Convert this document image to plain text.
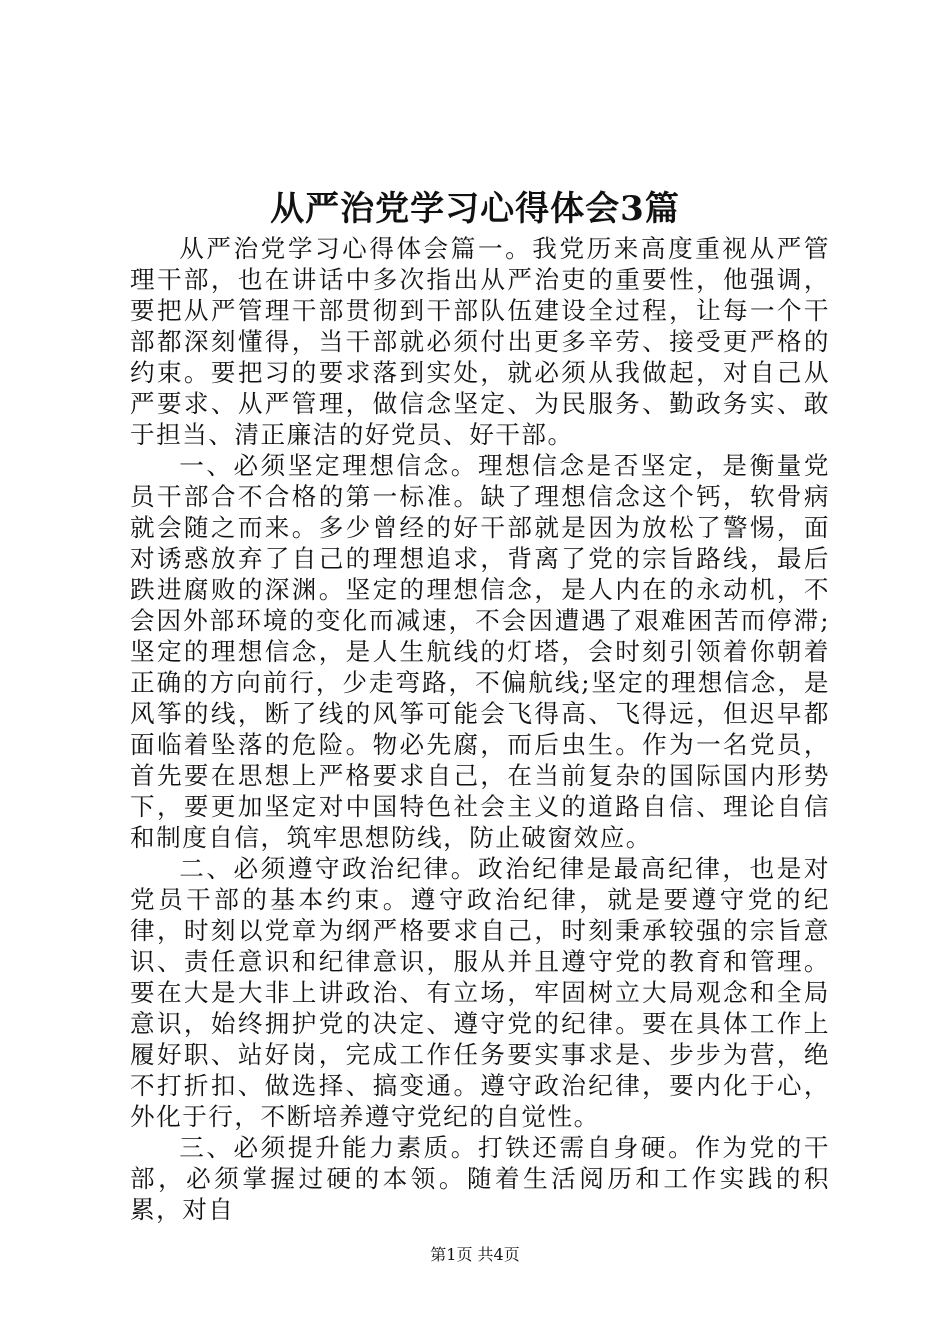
从严治党学习心得体会3篇

从严治党学习心得体会篇一。我党历来高度重视从严管理干部，也在讲话中多次指出从严治吏的重要性，他强调，要把从严管理干部贯彻到干部队伍建设全过程，让每一个干部都深刻懂得，当干部就必须付出更多辛劳、接受更严格的约束。要把习的要求落到实处，就必须从我做起，对自己从严要求、从严管理，做信念坚定、为民服务、勤政务实、敢于担当、清正廉洁的好党员、好干部。

一、必须坚定理想信念。理想信念是否坚定，是衡量党员干部合不合格的第一标准。缺了理想信念这个钙，软骨病就会随之而来。多少曾经的好干部就是因为放松了警惕，面对诱惑放弃了自己的理想追求，背离了党的宗旨路线，最后跌进腐败的深渊。坚定的理想信念，是人内在的永动机，不会因外部环境的变化而减速，不会因遭遇了艰难困苦而停滞;坚定的理想信念，是人生航线的灯塔，会时刻引领着你朝着正确的方向前行，少走弯路，不偏航线;坚定的理想信念，是风筝的线，断了线的风筝可能会飞得高、飞得远，但迟早都面临着坠落的危险。物必先腐，而后虫生。作为一名党员，首先要在思想上严格要求自己，在当前复杂的国际国内形势下，要更加坚定对中国特色社会主义的道路自信、理论自信和制度自信，筑牢思想防线，防止破窗效应。

二、必须遵守政治纪律。政治纪律是最高纪律，也是对党员干部的基本约束。遵守政治纪律，就是要遵守党的纪律，时刻以党章为纲严格要求自己，时刻秉承较强的宗旨意识、责任意识和纪律意识，服从并且遵守党的教育和管理。要在大是大非上讲政治、有立场，牢固树立大局观念和全局意识，始终拥护党的决定、遵守党的纪律。要在具体工作上履好职、站好岗，完成工作任务要实事求是、步步为营，绝不打折扣、做选择、搞变通。遵守政治纪律，要内化于心，外化于行，不断培养遵守党纪的自觉性。

三、必须提升能力素质。打铁还需自身硬。作为党的干部，必须掌握过硬的本领。随着生活阅历和工作实践的积累，对自

第1页 共4页
